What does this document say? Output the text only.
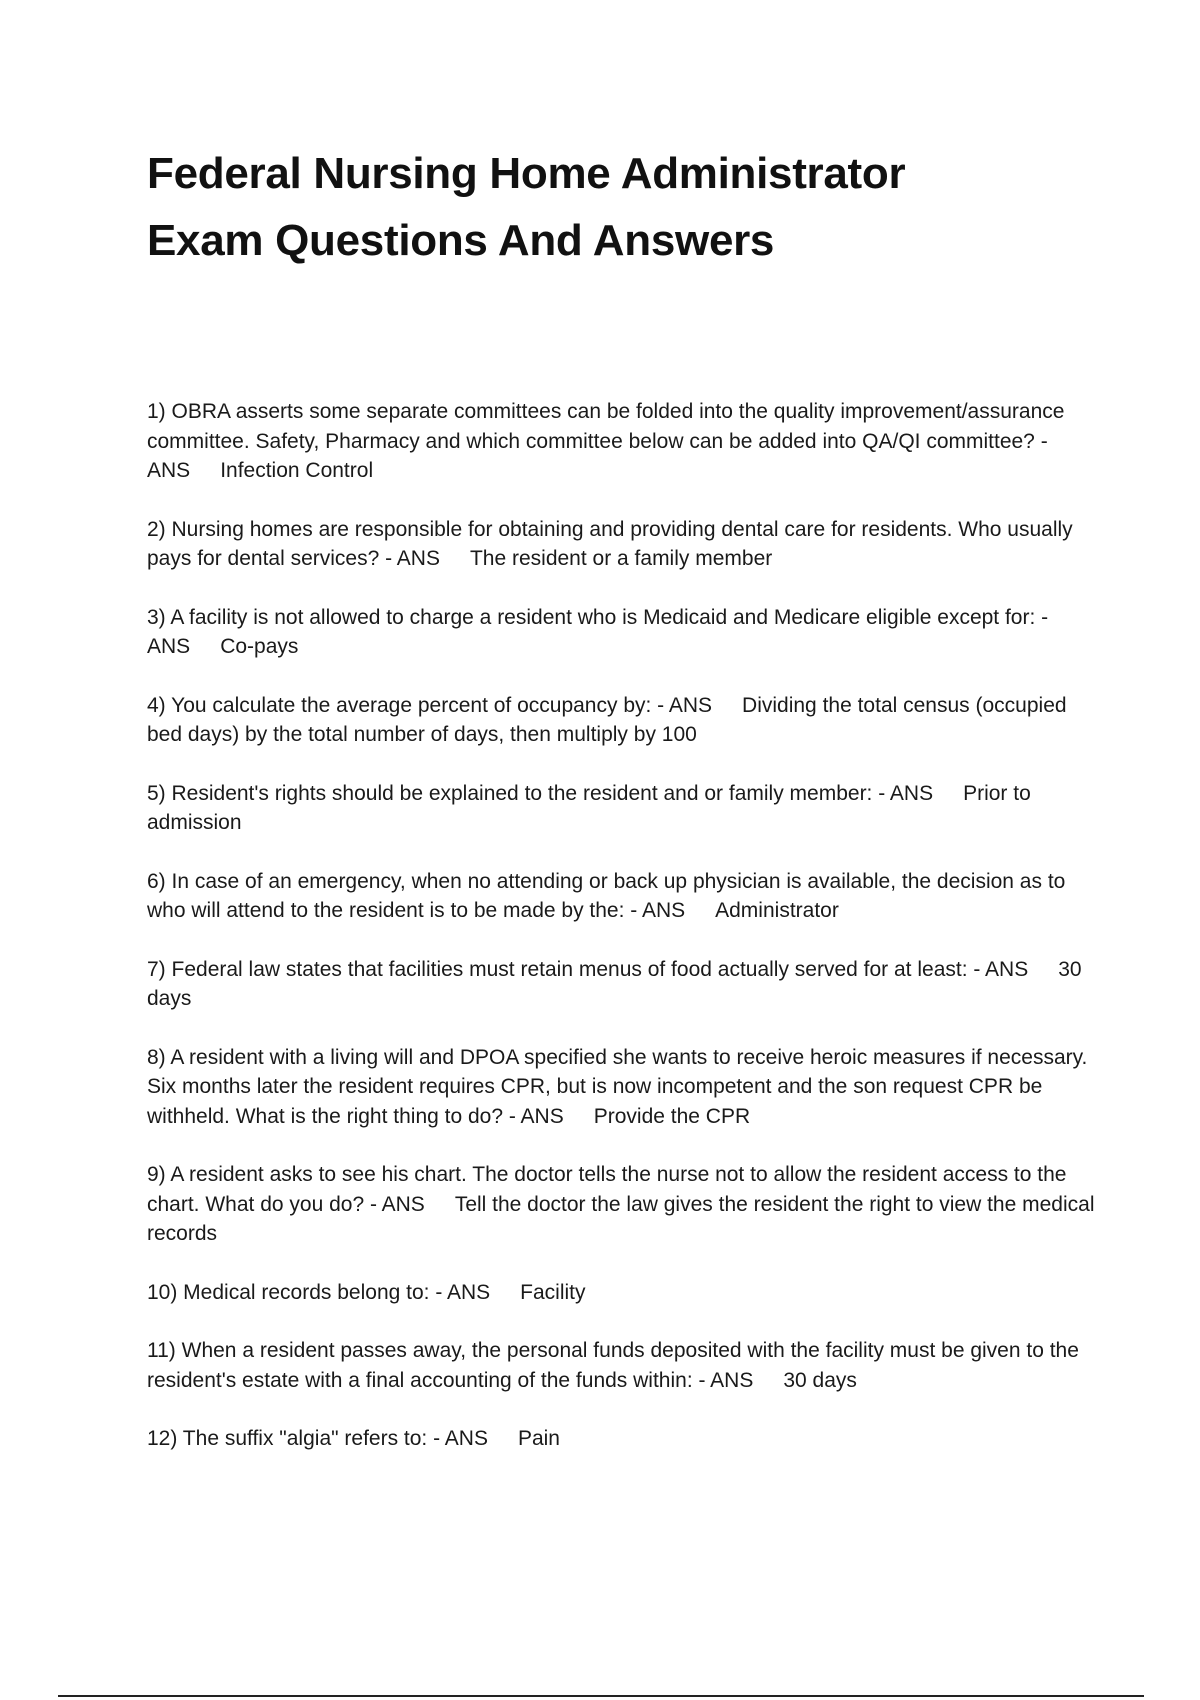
Federal Nursing Home Administrator
Exam Questions And Answers
1) OBRA asserts some separate committees can be folded into the quality improvement/assurance committee. Safety, Pharmacy and which committee below can be added into QA/QI committee? - ANS Infection Control
2) Nursing homes are responsible for obtaining and providing dental care for residents. Who usually pays for dental services? - ANS The resident or a family member
3) A facility is not allowed to charge a resident who is Medicaid and Medicare eligible except for: - ANS Co-pays
4) You calculate the average percent of occupancy by: - ANS Dividing the total census (occupied bed days) by the total number of days, then multiply by 100
5) Resident's rights should be explained to the resident and or family member: - ANS Prior to admission
6) In case of an emergency, when no attending or back up physician is available, the decision as to who will attend to the resident is to be made by the: - ANS Administrator
7) Federal law states that facilities must retain menus of food actually served for at least: - ANS 30 days
8) A resident with a living will and DPOA specified she wants to receive heroic measures if necessary. Six months later the resident requires CPR, but is now incompetent and the son request CPR be withheld. What is the right thing to do? - ANS Provide the CPR
9) A resident asks to see his chart. The doctor tells the nurse not to allow the resident access to the chart. What do you do? - ANS Tell the doctor the law gives the resident the right to view the medical records
10) Medical records belong to: - ANS Facility
11) When a resident passes away, the personal funds deposited with the facility must be given to the resident's estate with a final accounting of the funds within: - ANS 30 days
12) The suffix "algia" refers to: - ANS Pain
